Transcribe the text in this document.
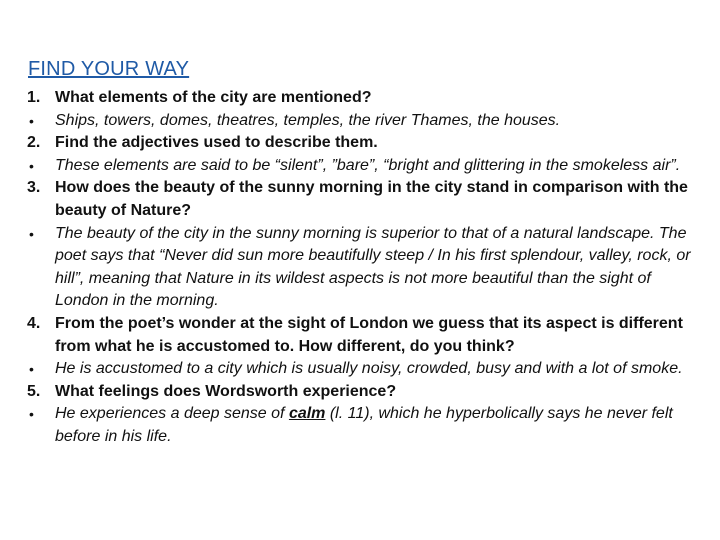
FIND YOUR WAY
1. What elements of the city are mentioned?
•	Ships, towers, domes, theatres, temples, the river Thames, the houses.
2. Find the adjectives used to describe them.
•	These elements are said to be “silent”, ”bare”, “bright and glittering in the smokeless air”.
3. How does the beauty of the sunny morning in the city stand in comparison with the beauty of Nature?
•	The beauty of the city in the sunny morning is superior to that of a natural landscape. The poet says that “Never did sun more beautifully steep / In his first splendour, valley, rock, or hill”, meaning that Nature in its wildest aspects is not more beautiful than the sight of London in the morning.
4. From the poet’s wonder at the sight of London we guess that its aspect is different from what he is accustomed to. How different, do you think?
•	He is accustomed to a city which is usually noisy, crowded, busy and with a lot of smoke.
5. What feelings does Wordsworth experience?
•	He experiences a deep sense of calm (l. 11), which he hyperbolically says he never felt before in his life.
